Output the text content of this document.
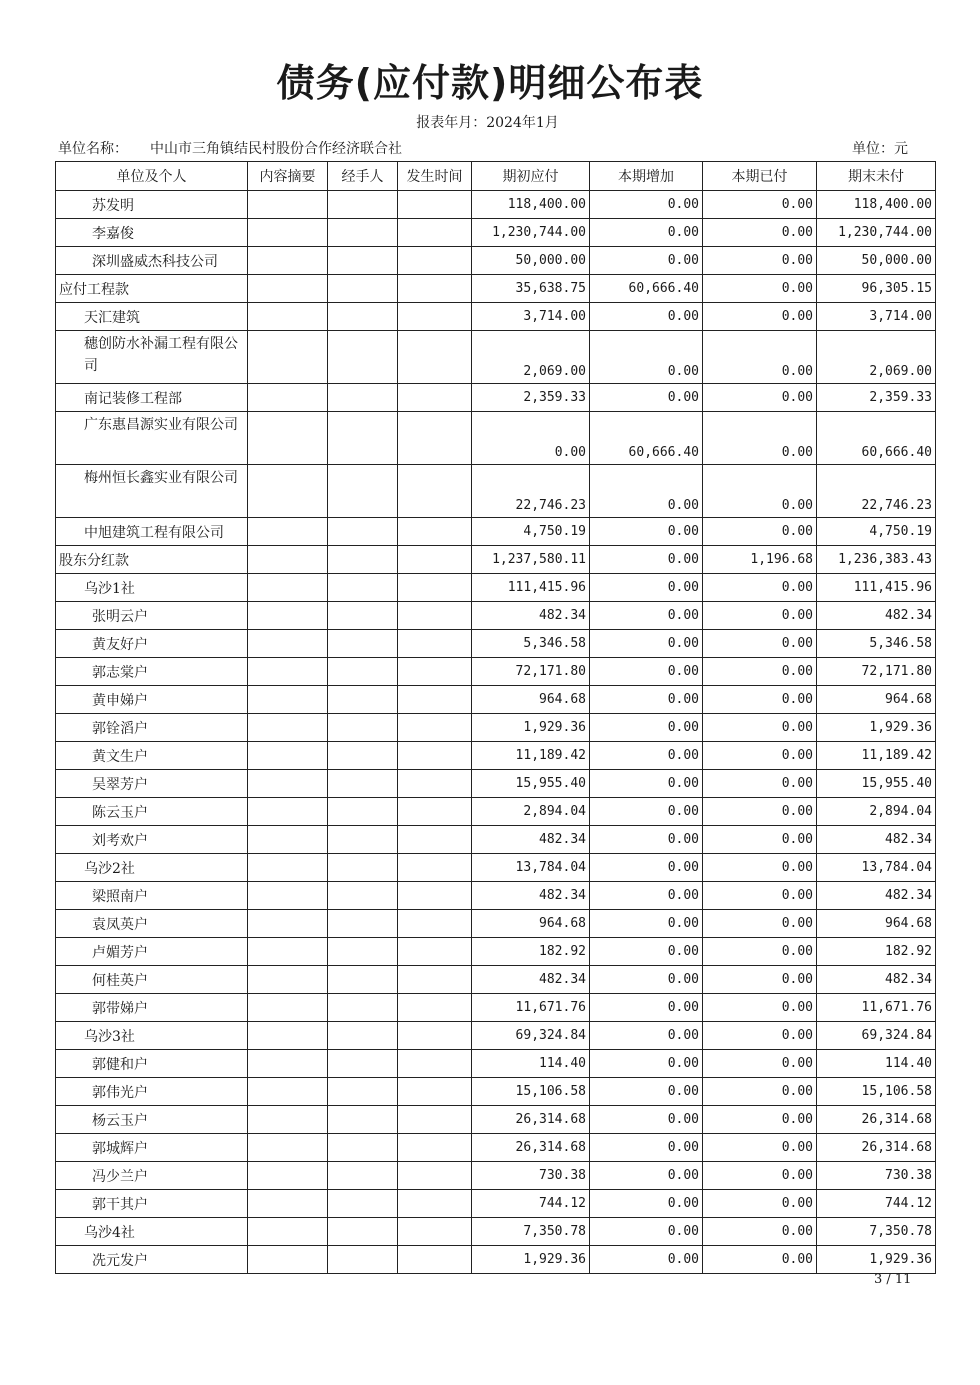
债务(应付款)明细公布表
报表年月：2024年1月
单位名称： 中山市三角镇结民村股份合作经济联合社	单位：元
单位及个人	内容摘要	经手人	发生时间	期初应付	本期增加	本期已付	期末未付
苏发明				118,400.00	0.00	0.00	118,400.00
李嘉俊				1,230,744.00	0.00	0.00	1,230,744.00
深圳盛威杰科技公司				50,000.00	0.00	0.00	50,000.00
应付工程款				35,638.75	60,666.40	0.00	96,305.15
天汇建筑				3,714.00	0.00	0.00	3,714.00
穗创防水补漏工程有限公司				2,069.00	0.00	0.00	2,069.00
南记装修工程部				2,359.33	0.00	0.00	2,359.33
广东惠昌源实业有限公司				0.00	60,666.40	0.00	60,666.40
梅州恒长鑫实业有限公司				22,746.23	0.00	0.00	22,746.23
中旭建筑工程有限公司				4,750.19	0.00	0.00	4,750.19
股东分红款				1,237,580.11	0.00	1,196.68	1,236,383.43
乌沙1社				111,415.96	0.00	0.00	111,415.96
张明云户				482.34	0.00	0.00	482.34
黄友好户				5,346.58	0.00	0.00	5,346.58
郭志棠户				72,171.80	0.00	0.00	72,171.80
黄申娣户				964.68	0.00	0.00	964.68
郭铨滔户				1,929.36	0.00	0.00	1,929.36
黄文生户				11,189.42	0.00	0.00	11,189.42
吴翠芳户				15,955.40	0.00	0.00	15,955.40
陈云玉户				2,894.04	0.00	0.00	2,894.04
刘考欢户				482.34	0.00	0.00	482.34
乌沙2社				13,784.04	0.00	0.00	13,784.04
梁照南户				482.34	0.00	0.00	482.34
袁凤英户				964.68	0.00	0.00	964.68
卢媚芳户				182.92	0.00	0.00	182.92
何桂英户				482.34	0.00	0.00	482.34
郭带娣户				11,671.76	0.00	0.00	11,671.76
乌沙3社				69,324.84	0.00	0.00	69,324.84
郭健和户				114.40	0.00	0.00	114.40
郭伟光户				15,106.58	0.00	0.00	15,106.58
杨云玉户				26,314.68	0.00	0.00	26,314.68
郭城辉户				26,314.68	0.00	0.00	26,314.68
冯少兰户				730.38	0.00	0.00	730.38
郭干其户				744.12	0.00	0.00	744.12
乌沙4社				7,350.78	0.00	0.00	7,350.78
冼元发户				1,929.36	0.00	0.00	1,929.36
3 / 11
